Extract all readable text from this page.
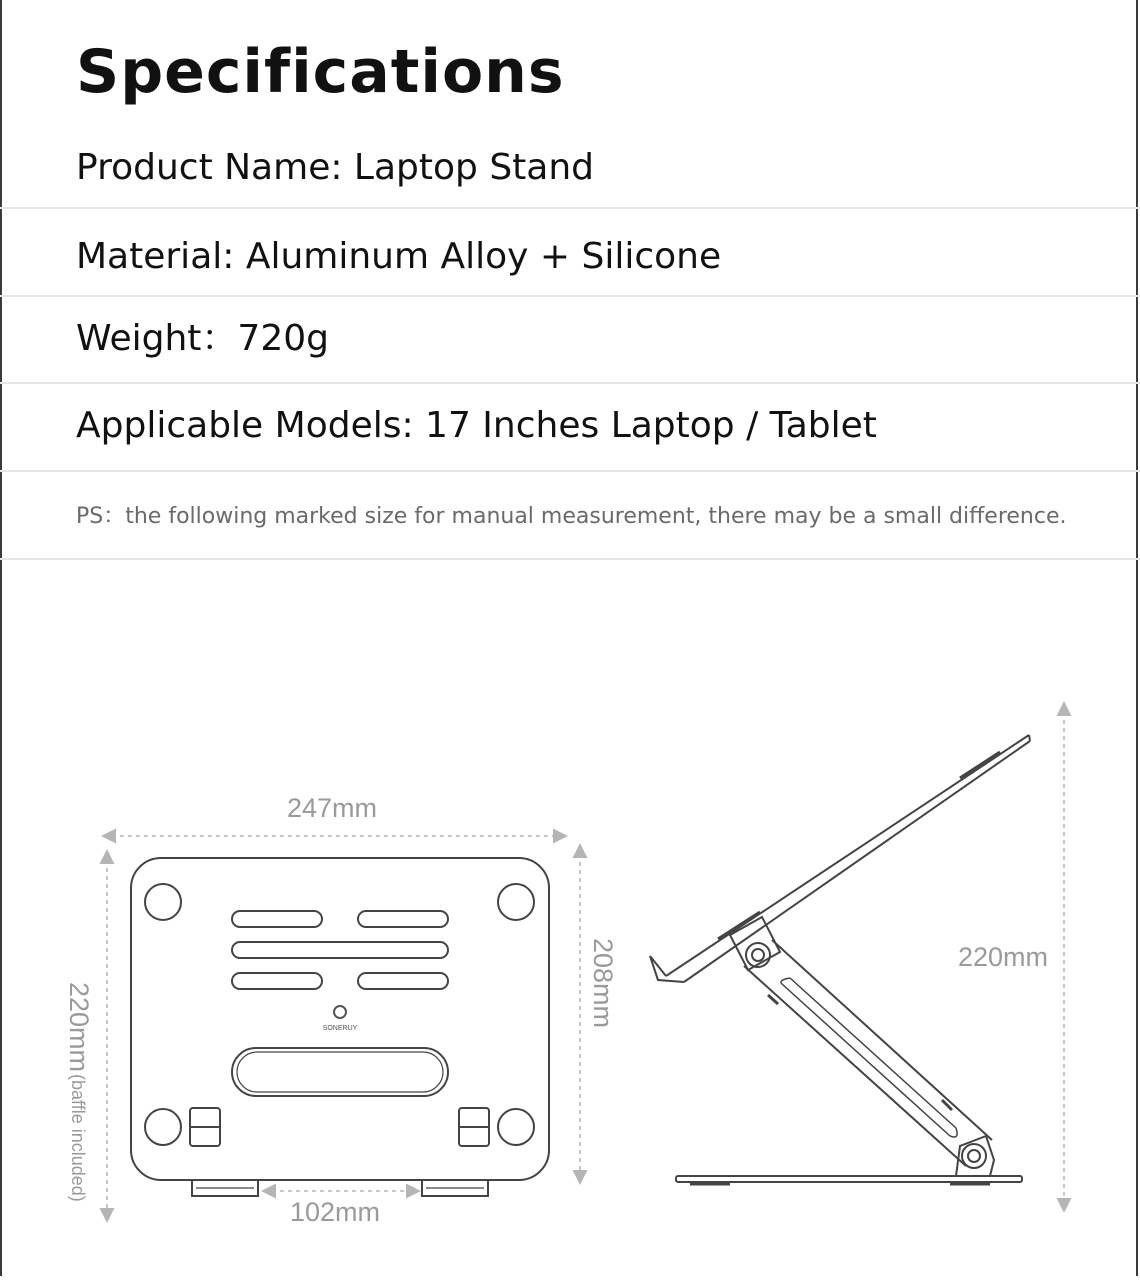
Specifications
Product Name: Laptop Stand
Material: Aluminum Alloy + Silicone
Weight：720g
Applicable Models: 17 Inches Laptop / Tablet
PS：the following marked size for manual measurement, there may be a small difference.
SONERUY
247mm
208mm
220mm
(baffle included)
102mm
220mm
